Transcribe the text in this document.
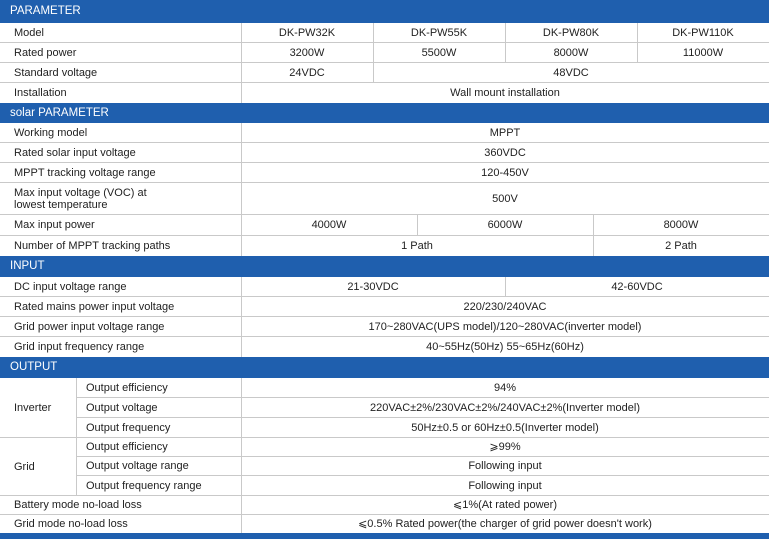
PARAMETER
Model	DK-PW32K	DK-PW55K	DK-PW80K	DK-PW110K
Rated power	3200W	5500W	8000W	11000W
Standard voltage	24VDC	48VDC
Installation	Wall mount installation
solar PARAMETER
Working model	MPPT
Rated solar input voltage	360VDC
MPPT tracking voltage range	120-450V
Max input voltage (VOC) at
lowest temperature	500V
Max input power	4000W	6000W	8000W
Number of MPPT tracking paths	1 Path	2 Path
INPUT
DC input voltage range	21-30VDC	42-60VDC
Rated mains power input voltage	220/230/240VAC
Grid power input voltage range	170~280VAC(UPS model)/120~280VAC(inverter model)
Grid input frequency range	40~55Hz(50Hz) 55~65Hz(60Hz)
OUTPUT
Inverter
Output efficiency	94%
Output voltage	220VAC±2%/230VAC±2%/240VAC±2%(Inverter model)
Output frequency	50Hz±0.5 or 60Hz±0.5(Inverter model)
Grid
Output efficiency	⩾99%
Output voltage range	Following input
Output frequency range	Following input
Battery mode no-load loss	⩽1%(At rated power)
Grid mode no-load loss	⩽0.5% Rated power(the charger of grid power doesn't work)
